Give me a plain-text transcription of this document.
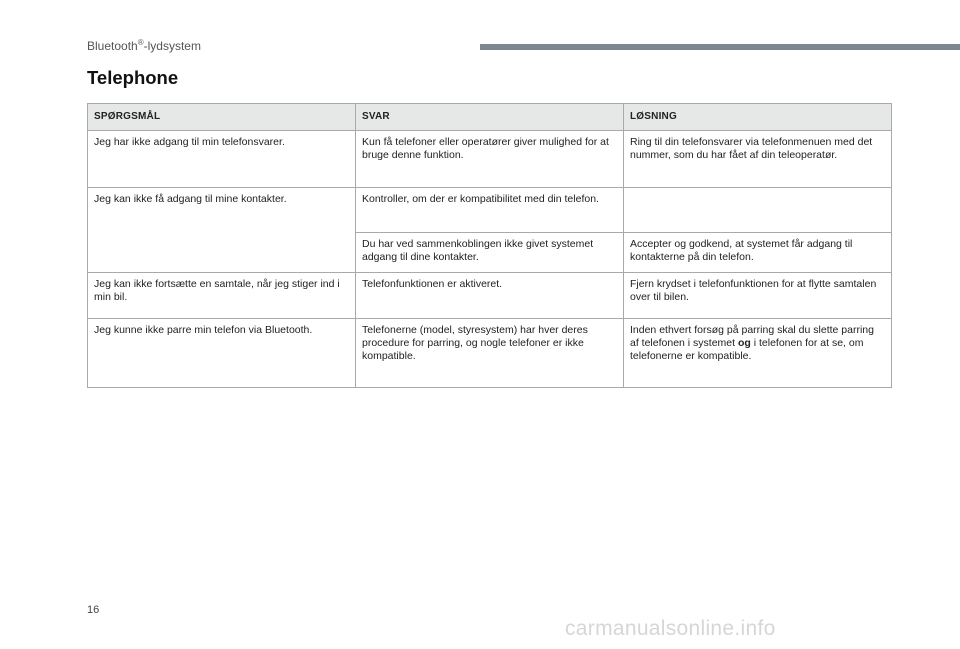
Bluetooth®-lydsystem
Telephone
SPØRGSMÅL	SVAR	LØSNING
Jeg har ikke adgang til min telefonsvarer.	Kun få telefoner eller operatører giver mulighed for at bruge denne funktion.	Ring til din telefonsvarer via telefonmenuen med det nummer, som du har fået af din teleoperatør.
Jeg kan ikke få adgang til mine kontakter.	Kontroller, om der er kompatibilitet med din telefon.	
	Du har ved sammenkoblingen ikke givet systemet adgang til dine kontakter.	Accepter og godkend, at systemet får adgang til kontakterne på din telefon.
Jeg kan ikke fortsætte en samtale, når jeg stiger ind i min bil.	Telefonfunktionen er aktiveret.	Fjern krydset i telefonfunktionen for at flytte samtalen over til bilen.
Jeg kunne ikke parre min telefon via Bluetooth.	Telefonerne (model, styresystem) har hver deres procedure for parring, og nogle telefoner er ikke kompatible.	Inden ethvert forsøg på parring skal du slette parring af telefonen i systemet og i telefonen for at se, om telefonerne er kompatible.
16
carmanualsonline.info
